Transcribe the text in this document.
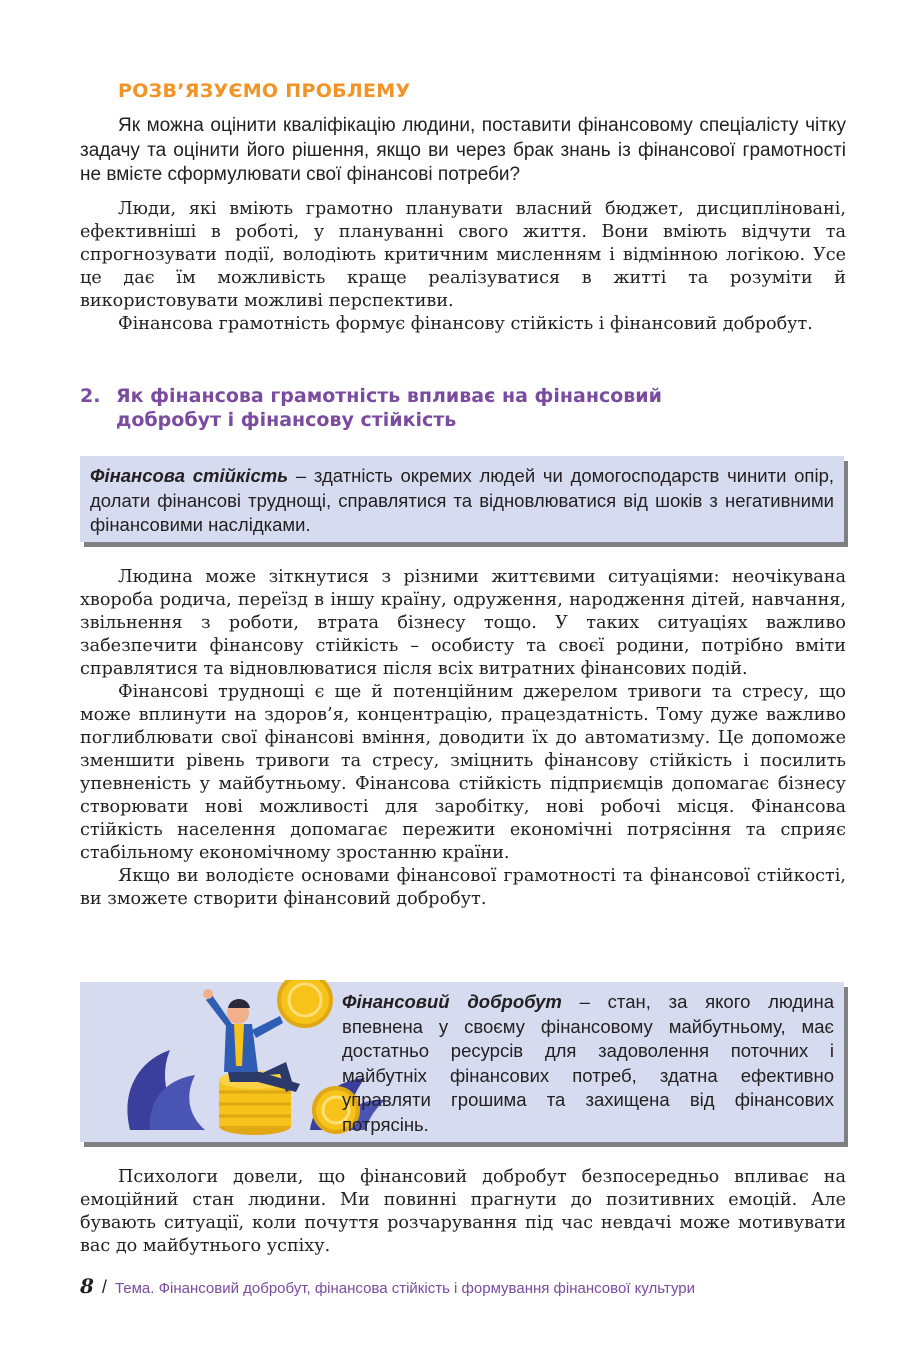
РОЗВ’ЯЗУЄМО ПРОБЛЕМУ

Як можна оцінити кваліфікацію людини, поставити фінансовому спеціалісту чітку задачу та оцінити його рішення, якщо ви через брак знань із фінансової грамотності не вмієте сформулювати свої фінансові потреби?

Люди, які вміють грамотно планувати власний бюджет, дисципліновані, ефективніші в роботі, у плануванні свого життя. Вони вміють відчути та спрогнозувати події, володіють критичним мисленням і відмінною логікою. Усе це дає їм можливість краще реалізуватися в житті та розуміти й використовувати можливі перспективи.

Фінансова грамотність формує фінансову стійкість і фінансовий добробут.

2. Як фінансова грамотність впливає на фінансовий
добробут і фінансову стійкість
Фінансова стійкість – здатність окремих людей чи домогосподарств чинити опір, долати фінансові труднощі, справлятися та відновлюватися від шоків з негативними фінансовими наслідками.

Людина може зіткнутися з різними життєвими ситуаціями: неочікувана хвороба родича, переїзд в іншу країну, одруження, народження дітей, навчання, звільнення з роботи, втрата бізнесу тощо. У таких ситуаціях важливо забезпечити фінансову стійкість – особисту та своєї родини, потрібно вміти справлятися та відновлюватися після всіх витратних фінансових подій.

Фінансові труднощі є ще й потенційним джерелом тривоги та стресу, що може вплинути на здоров’я, концентрацію, працездатність. Тому дуже важливо поглиблювати свої фінансові вміння, доводити їх до автоматизму. Це допоможе зменшити рівень тривоги та стресу, зміцнить фінансову стійкість і посилить упевненість у майбутньому. Фінансова стійкість підприємців допомагає бізнесу створювати нові можливості для заробітку, нові робочі місця. Фінансова стійкість населення допомагає пережити економічні потрясіння та сприяє стабільному економічному зростанню країни.

Якщо ви володієте основами фінансової грамотності та фінансової стійкості, ви зможете створити фінансовий добробут.

Фінансовий добробут – стан, за якого людина впевнена у своєму фінансовому майбутньому, має достатньо ресурсів для задоволення поточних і майбутніх фінансових потреб, здатна ефективно управляти грошима та захищена від фінансових потрясінь.

Психологи довели, що фінансовий добробут безпосередньо впливає на емоційний стан людини. Ми повинні прагнути до позитивних емоцій. Але бувають ситуації, коли почуття розчарування під час невдачі може мотивувати вас до майбутнього успіху.

8 / Тема. Фінансовий добробут, фінансова стійкість і формування фінансової культури
